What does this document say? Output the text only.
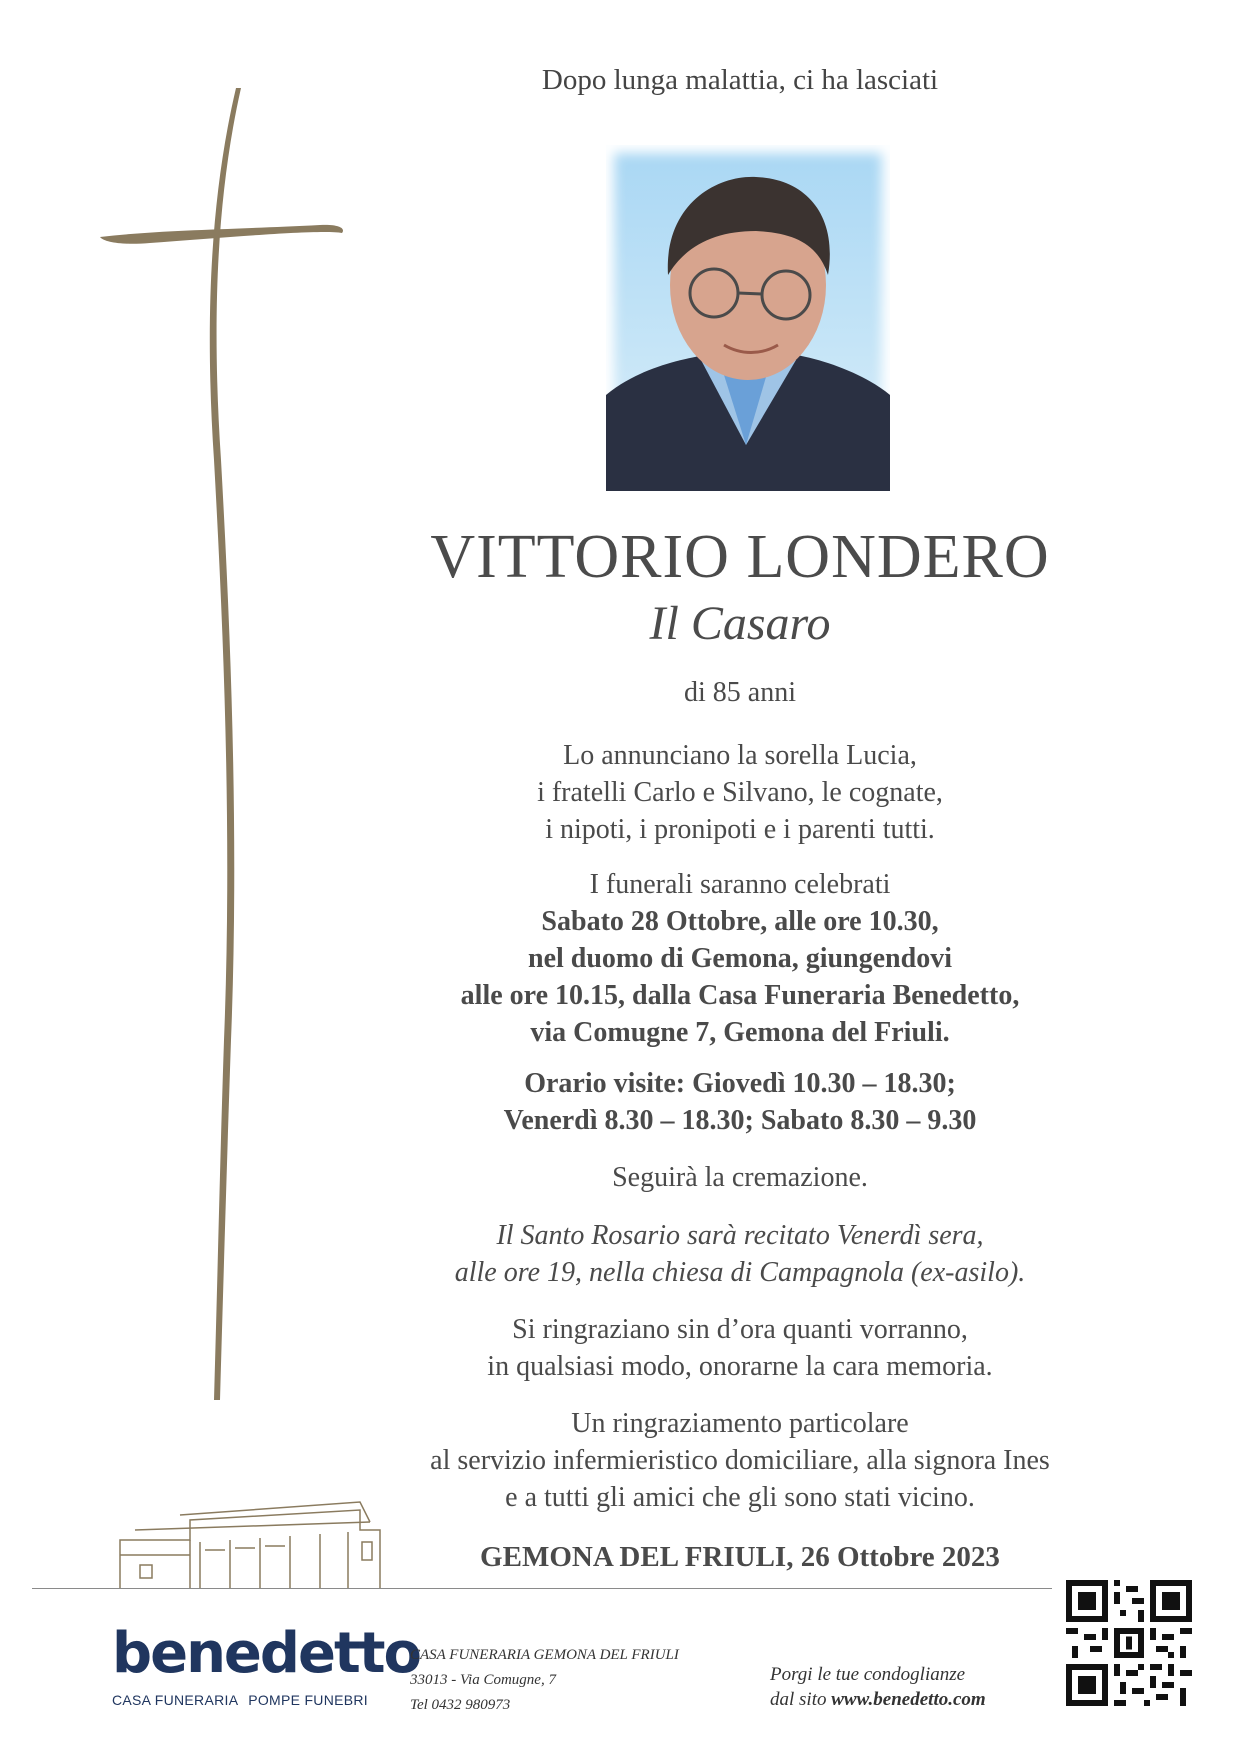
Dopo lunga malattia, ci ha lasciati
VITTORIO LONDERO
Il Casaro
di 85 anni
Lo annunciano la sorella Lucia,
i fratelli Carlo e Silvano, le cognate,
i nipoti, i pronipoti e i parenti tutti.
I funerali saranno celebrati
Sabato 28 Ottobre, alle ore 10.30,
nel duomo di Gemona, giungendovi
alle ore 10.15, dalla Casa Funeraria Benedetto,
via Comugne 7, Gemona del Friuli.
Orario visite: Giovedì 10.30 – 18.30;
Venerdì 8.30 – 18.30; Sabato 8.30 – 9.30
Seguirà la cremazione.
Il Santo Rosario sarà recitato Venerdì sera,
alle ore 19, nella chiesa di Campagnola (ex-asilo).
Si ringraziano sin d’ora quanti vorranno,
in qualsiasi modo, onorarne la cara memoria.
Un ringraziamento particolare
al servizio infermieristico domiciliare, alla signora Ines
e a tutti gli amici che gli sono stati vicino.
GEMONA DEL FRIULI, 26 Ottobre 2023
benedetto
CASA FUNERARIA POMPE FUNEBRI
CASA FUNERARIA GEMONA DEL FRIULI
33013 - Via Comugne, 7
Tel 0432 980973
Porgi le tue condoglianze
dal sito www.benedetto.com
